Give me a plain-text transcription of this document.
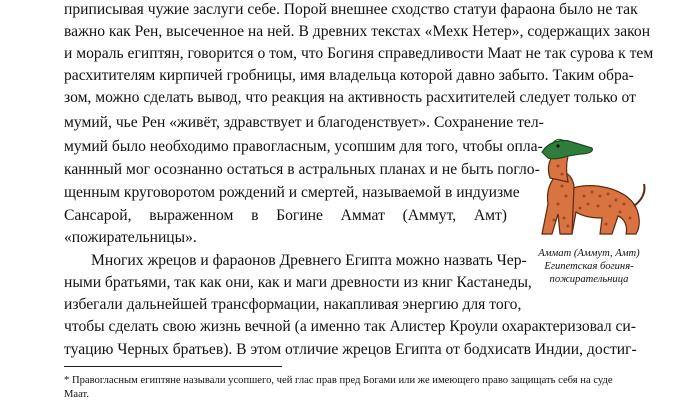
приписывая чужие заслуги себе. Порой внешнее сходство статуи фараона было не так

важно как Рен, высеченное на ней. В древних текстах «Мехк Нетер», содержащих закон

и мораль египтян, говорится о том, что Богиня справедливости Маат не так сурова к тем

расхитителям кирпичей гробницы, имя владельца которой давно забыто. Таким обра-

зом, можно сделать вывод, что реакция на активность расхитителей следует только от

мумий, чье Рен «живёт, здравствует и благоденствует». Сохранение тел-

мумий было необходимо правогласным, усопшим для того, чтобы опла-

каннный мог осознанно остаться в астральных планах и не быть погло-

щенным круговоротом рождений и смертей, называемой в индуизме

Сансарой, выраженном в Богине Аммат (Аммут, Амт)

«пожирательницы».

Многих жрецов и фараонов Древнего Египта можно назвать Чер-

ными братьями, так как они, как и маги древности из книг Кастанеды,

избегали дальнейшей трансформации, накапливая энергию для того,

чтобы сделать свою жизнь вечной (а именно так Алистер Кроули охарактеризовал си-

туацию Черных братьев). В этом отличие жрецов Египта от бодхисатв Индии, достиг-

Аммат (Аммут, Амт)
Египетская богиня-
пожирательница
* Правогласным египтяне называли усопшего, чей глас прав пред Богами или же имеющего право защищать себя на суде Маат.
